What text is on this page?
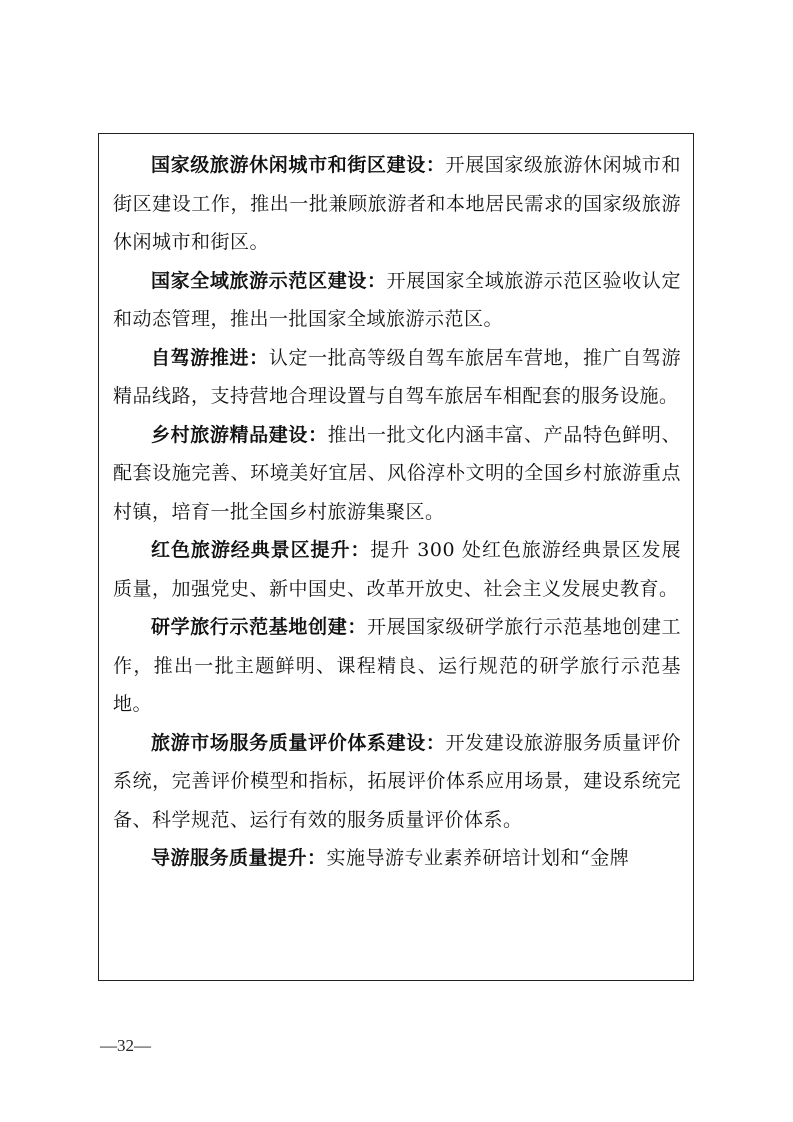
国家级旅游休闲城市和街区建设：开展国家级旅游休闲城市和街区建设工作，推出一批兼顾旅游者和本地居民需求的国家级旅游休闲城市和街区。

国家全域旅游示范区建设：开展国家全域旅游示范区验收认定和动态管理，推出一批国家全域旅游示范区。

自驾游推进：认定一批高等级自驾车旅居车营地，推广自驾游精品线路，支持营地合理设置与自驾车旅居车相配套的服务设施。

乡村旅游精品建设：推出一批文化内涵丰富、产品特色鲜明、配套设施完善、环境美好宜居、风俗淳朴文明的全国乡村旅游重点村镇，培育一批全国乡村旅游集聚区。

红色旅游经典景区提升：提升 300 处红色旅游经典景区发展质量，加强党史、新中国史、改革开放史、社会主义发展史教育。

研学旅行示范基地创建：开展国家级研学旅行示范基地创建工作，推出一批主题鲜明、课程精良、运行规范的研学旅行示范基地。

旅游市场服务质量评价体系建设：开发建设旅游服务质量评价系统，完善评价模型和指标，拓展评价体系应用场景，建设系统完备、科学规范、运行有效的服务质量评价体系。

导游服务质量提升：实施导游专业素养研培计划和“金牌

—32—
